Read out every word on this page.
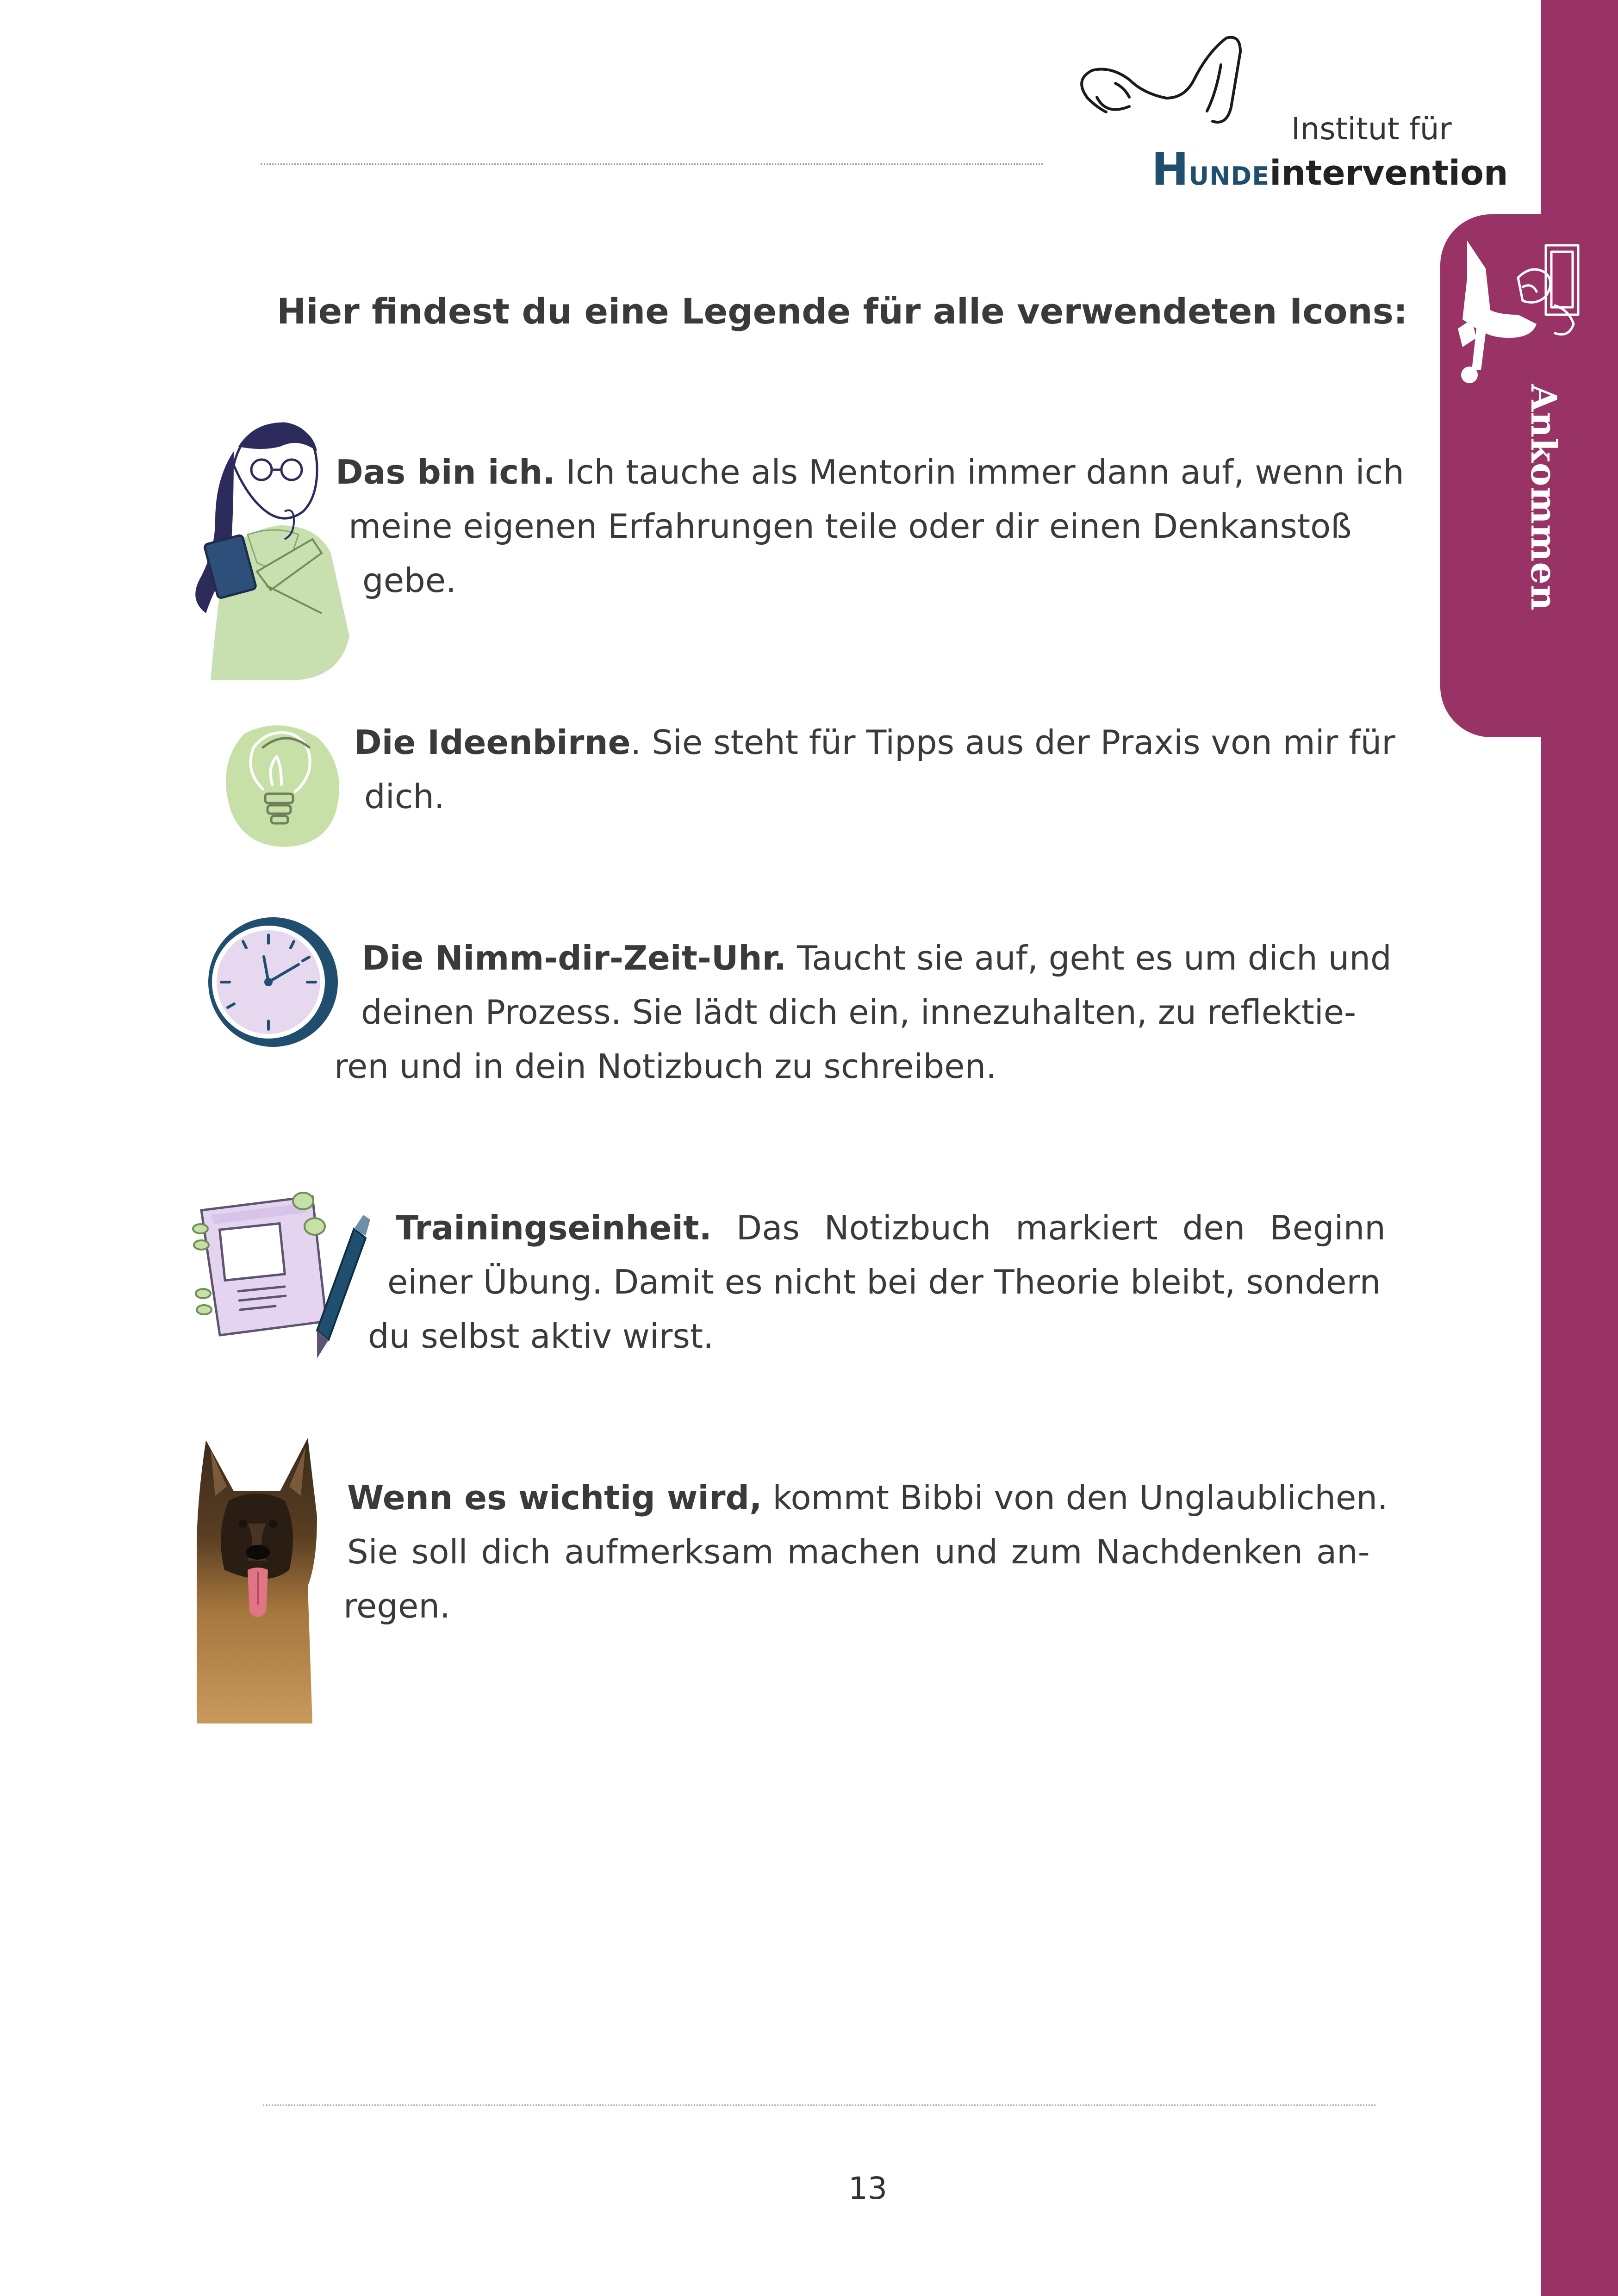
Ankommen
Institut für
HUNDEintervention
Hier findest du eine Legende für alle verwendeten Icons:
Das bin ich. Ich tauche als Mentorin immer dann auf, wenn ich
meine eigenen Erfahrungen teile oder dir einen Denkanstoß
gebe.
Die Ideenbirne. Sie steht für Tipps aus der Praxis von mir für
dich.
Die Nimm-dir-Zeit-Uhr. Taucht sie auf, geht es um dich und
deinen Prozess. Sie lädt dich ein, innezuhalten, zu reflektie-
ren und in dein Notizbuch zu schreiben.
Trainingseinheit. Das Notizbuch markiert den Beginn
einer Übung. Damit es nicht bei der Theorie bleibt, sondern
du selbst aktiv wirst.
Wenn es wichtig wird, kommt Bibbi von den Unglaublichen.
Sie soll dich aufmerksam machen und zum Nachdenken an-
regen.
13
